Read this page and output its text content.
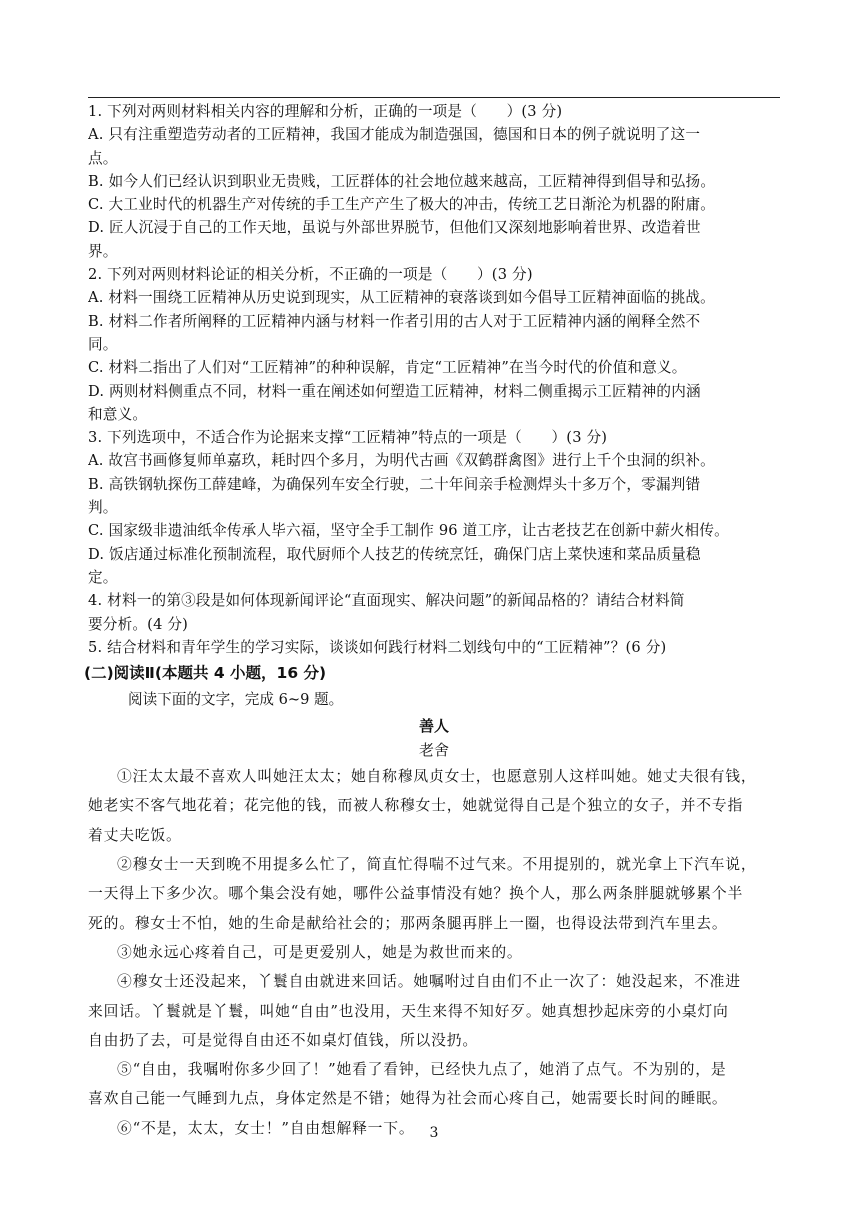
1. 下列对两则材料相关内容的理解和分析，正确的一项是（　　）(3 分)
A. 只有注重塑造劳动者的工匠精神，我国才能成为制造强国，德国和日本的例子就说明了这一
点。
B. 如今人们已经认识到职业无贵贱，工匠群体的社会地位越来越高，工匠精神得到倡导和弘扬。
C. 大工业时代的机器生产对传统的手工生产产生了极大的冲击，传统工艺日渐沦为机器的附庸。
D. 匠人沉浸于自己的工作天地，虽说与外部世界脱节，但他们又深刻地影响着世界、改造着世
界。
2. 下列对两则材料论证的相关分析，不正确的一项是（　　）(3 分)
A. 材料一围绕工匠精神从历史说到现实，从工匠精神的衰落谈到如今倡导工匠精神面临的挑战。
B. 材料二作者所阐释的工匠精神内涵与材料一作者引用的古人对于工匠精神内涵的阐释全然不
同。
C. 材料二指出了人们对“工匠精神”的种种误解，肯定“工匠精神”在当今时代的价值和意义。
D. 两则材料侧重点不同，材料一重在阐述如何塑造工匠精神，材料二侧重揭示工匠精神的内涵
和意义。
3. 下列选项中，不适合作为论据来支撑“工匠精神”特点的一项是（　　）(3 分)
A. 故宫书画修复师单嘉玖，耗时四个多月，为明代古画《双鹤群禽图》进行上千个虫洞的织补。
B. 高铁钢轨探伤工薛建峰，为确保列车安全行驶，二十年间亲手检测焊头十多万个，零漏判错
判。
C. 国家级非遗油纸伞传承人毕六福，坚守全手工制作 96 道工序，让古老技艺在创新中薪火相传。
D. 饭店通过标准化预制流程，取代厨师个人技艺的传统烹饪，确保门店上菜快速和菜品质量稳
定。
4. 材料一的第③段是如何体现新闻评论“直面现实、解决问题”的新闻品格的？请结合材料简
要分析。(4 分)
5. 结合材料和青年学生的学习实际，谈谈如何践行材料二划线句中的“工匠精神”？(6 分)
(二)阅读Ⅱ(本题共 4 小题，16 分)
阅读下面的文字，完成 6~9 题。
善人
老舍
①汪太太最不喜欢人叫她汪太太；她自称穆凤贞女士，也愿意别人这样叫她。她丈夫很有钱，
她老实不客气地花着；花完他的钱，而被人称穆女士，她就觉得自己是个独立的女子，并不专指
着丈夫吃饭。
②穆女士一天到晚不用提多么忙了，简直忙得喘不过气来。不用提别的，就光拿上下汽车说，
一天得上下多少次。哪个集会没有她，哪件公益事情没有她？换个人，那么两条胖腿就够累个半
死的。穆女士不怕，她的生命是献给社会的；那两条腿再胖上一圈，也得设法带到汽车里去。
③她永远心疼着自己，可是更爱别人，她是为救世而来的。
④穆女士还没起来，丫鬟自由就进来回话。她嘱咐过自由们不止一次了：她没起来，不准进
来回话。丫鬟就是丫鬟，叫她“自由”也没用，天生来得不知好歹。她真想抄起床旁的小桌灯向
自由扔了去，可是觉得自由还不如桌灯值钱，所以没扔。
⑤“自由，我嘱咐你多少回了！”她看了看钟，已经快九点了，她消了点气。不为别的，是
喜欢自己能一气睡到九点，身体定然是不错；她得为社会而心疼自己，她需要长时间的睡眠。
⑥“不是，太太，女士！”自由想解释一下。	3
